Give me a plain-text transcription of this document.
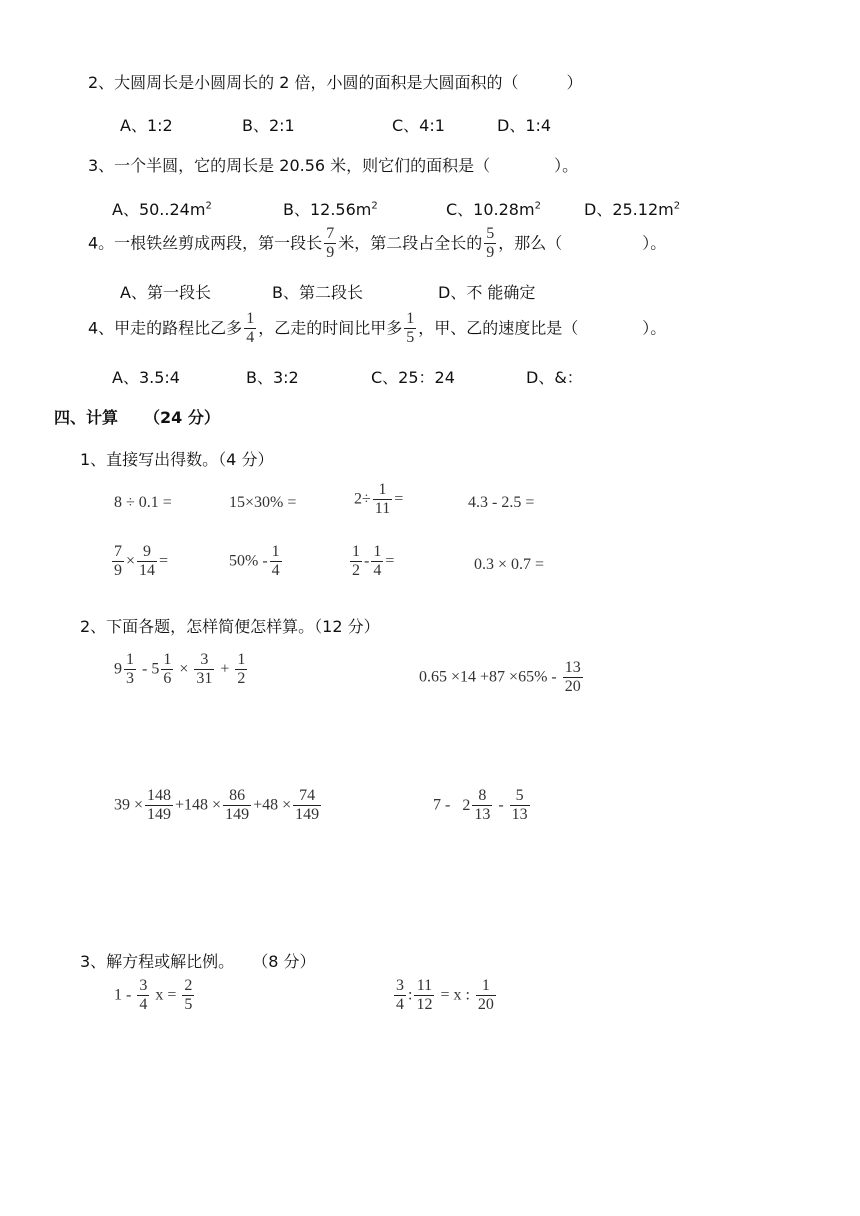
2、大圆周长是小圆周长的 2 倍，小圆的面积是大圆面积的（　　　）
A、1:2	B、2:1	C、4:1	D、1:4
3、一个半圆，它的周长是 20.56 米，则它们的面积是（　　　　）。
A、$50..24m^2$	B、$12.56m^2$	C、$10.28m^2$	D、$25.12m^2$
4。一根铁丝剪成两段，第一段长 $\frac{7}{9}$ 米，第二段占全长的 $\frac{5}{9}$ ，那么（　　　　　）。
A、第一段长	B、第二段长	D、不 能确定
4、甲走的路程比乙多 $\frac{1}{4}$ ，乙走的时间比甲多 $\frac{1}{5}$ ，甲、乙的速度比是（　　　　）。
A、3.5:4	B、3:2	C、25：24	D、&：
四、计算 （24 分）
1、直接写出得数。（4 分）
8 ÷ 0.1 =	15×30% =	$2\div \frac{1}{11}$ =	4.3 - 2.5 =
$\frac{7}{9} \times \frac{9}{14}$ =	$50\% - \frac{1}{4}$	$\frac{1}{2} - \frac{1}{4}$ =	0.3 × 0.7 =
2、下面各题，怎样简便怎样算。（12 分）
$9 \frac{1}{3} - 5 \frac{1}{6} \times \frac{3}{31} + \frac{1}{2}$	$0.65 \times 14 +87 \times 65\% - \frac{13}{20}$
$39 \times \frac{148}{149} +148 \times \frac{86}{149} +48 \times \frac{74}{149}$	$7 - 2 \frac{8}{13} - \frac{5}{13}$
3、解方程或解比例。 （8 分）
$1 - \frac{3}{4}$ $x = \frac{2}{5}$	$\frac{3}{4}$ : $\frac{11}{12} = x$ : $\frac{1}{20}$
